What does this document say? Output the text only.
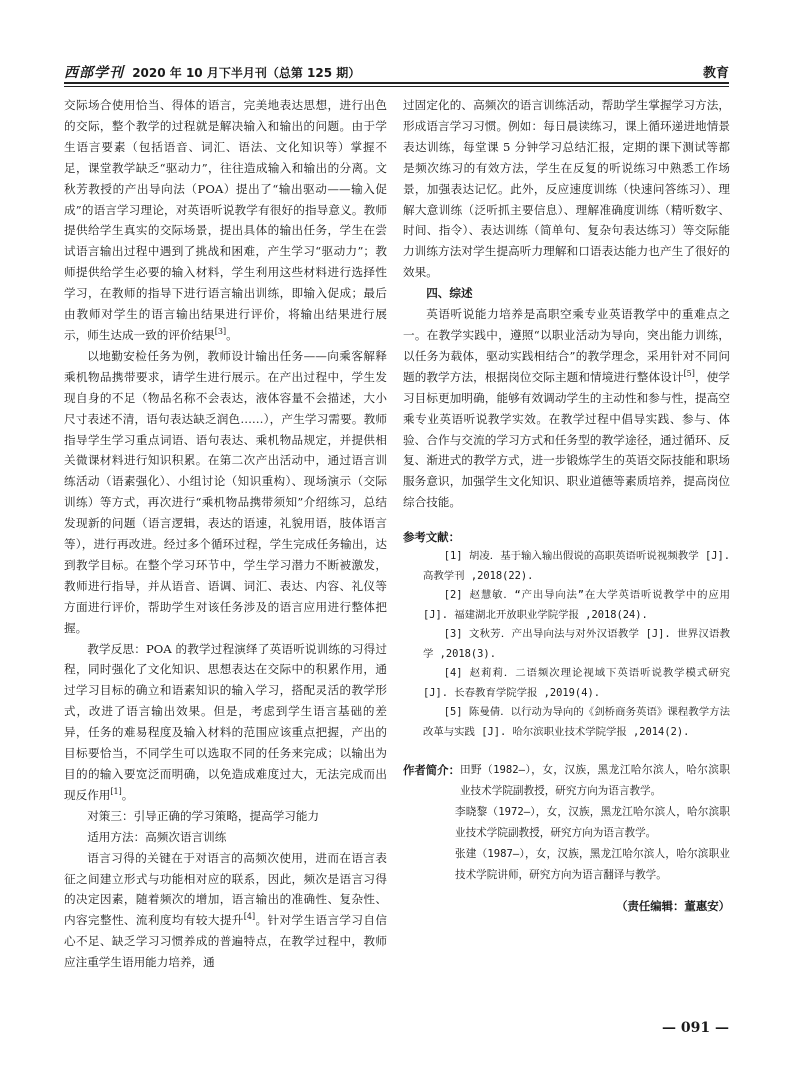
西部学刊 2020 年 10 月下半月刊（总第 125 期）	教育

交际场合使用恰当、得体的语言，完美地表达思想，进行出色的交际，整个教学的过程就是解决输入和输出的问题。由于学生语言要素（包括语音、词汇、语法、文化知识等）掌握不足，课堂教学缺乏“驱动力”，往往造成输入和输出的分离。文秋芳教授的产出导向法（POA）提出了“输出驱动——输入促成”的语言学习理论，对英语听说教学有很好的指导意义。教师提供给学生真实的交际场景，提出具体的输出任务，学生在尝试语言输出过程中遇到了挑战和困难，产生学习“驱动力”；教师提供给学生必要的输入材料，学生利用这些材料进行选择性学习，在教师的指导下进行语言输出训练，即输入促成；最后由教师对学生的语言输出结果进行评价，将输出结果进行展示，师生达成一致的评价结果[3]。

以地勤安检任务为例，教师设计输出任务——向乘客解释乘机物品携带要求，请学生进行展示。在产出过程中，学生发现自身的不足（物品名称不会表达，液体容量不会描述，大小尺寸表述不清，语句表达缺乏润色……），产生学习需要。教师指导学生学习重点词语、语句表达、乘机物品规定，并提供相关微课材料进行知识积累。在第二次产出活动中，通过语言训练活动（语素强化）、小组讨论（知识重构）、现场演示（交际训练）等方式，再次进行“乘机物品携带须知”介绍练习，总结发现新的问题（语言逻辑，表达的语速，礼貌用语，肢体语言等），进行再改进。经过多个循环过程，学生完成任务输出，达到教学目标。在整个学习环节中，学生学习潜力不断被激发，教师进行指导，并从语音、语调、词汇、表达、内容、礼仪等方面进行评价，帮助学生对该任务涉及的语言应用进行整体把握。

教学反思：POA 的教学过程演绎了英语听说训练的习得过程，同时强化了文化知识、思想表达在交际中的积累作用，通过学习目标的确立和语素知识的输入学习，搭配灵活的教学形式，改进了语言输出效果。但是，考虑到学生语言基础的差异，任务的难易程度及输入材料的范围应该重点把握，产出的目标要恰当，不同学生可以选取不同的任务来完成；以输出为目的的输入要宽泛而明确，以免造成难度过大，无法完成而出现反作用[1]。

对策三：引导正确的学习策略，提高学习能力

适用方法：高频次语言训练

语言习得的关键在于对语言的高频次使用，进而在语言表征之间建立形式与功能相对应的联系，因此，频次是语言习得的决定因素，随着频次的增加，语言输出的准确性、复杂性、内容完整性、流利度均有较大提升[4]。针对学生语言学习自信心不足、缺乏学习习惯养成的普遍特点，在教学过程中，教师应注重学生语用能力培养，通

过固定化的、高频次的语言训练活动，帮助学生掌握学习方法，形成语言学习习惯。例如：每日晨读练习，课上循环递进地情景表达训练，每堂课 5 分钟学习总结汇报，定期的课下测试等都是频次练习的有效方法，学生在反复的听说练习中熟悉工作场景，加强表达记忆。此外，反应速度训练（快速问答练习）、理解大意训练（泛听抓主要信息）、理解准确度训练（精听数字、时间、指令）、表达训练（简单句、复杂句表达练习）等交际能力训练方法对学生提高听力理解和口语表达能力也产生了很好的效果。

四、综述

英语听说能力培养是高职空乘专业英语教学中的重难点之一。在教学实践中，遵照“以职业活动为导向，突出能力训练，以任务为载体，驱动实践相结合”的教学理念，采用针对不同问题的教学方法，根据岗位交际主题和情境进行整体设计[5]，使学习目标更加明确，能够有效调动学生的主动性和参与性，提高空乘专业英语听说教学实效。在教学过程中倡导实践、参与、体验、合作与交流的学习方式和任务型的教学途径，通过循环、反复、渐进式的教学方式，进一步锻炼学生的英语交际技能和职场服务意识，加强学生文化知识、职业道德等素质培养，提高岗位综合技能。

参考文献：

[1] 胡凌．基于输入输出假说的高职英语听说视频教学 [J]. 高教学刊 ,2018(22).

[2] 赵慧敏．“产出导向法”在大学英语听说教学中的应用 [J]. 福建湖北开放职业学院学报 ,2018(24).

[3] 文秋芳．产出导向法与对外汉语教学 [J]. 世界汉语教学 ,2018(3).

[4] 赵莉莉．二语频次理论视域下英语听说教学模式研究 [J]. 长春教育学院学报 ,2019(4).

[5] 陈曼倩．以行动为导向的《剑桥商务英语》课程教学方法改革与实践 [J]. 哈尔滨职业技术学院学报 ,2014(2).

作者简介： 田野（1982—），女，汉族，黑龙江哈尔滨人，哈尔滨职业技术学院副教授，研究方向为语言教学。
李晓黎（1972—），女，汉族，黑龙江哈尔滨人，哈尔滨职业技术学院副教授，研究方向为语言教学。
张建（1987—），女，汉族，黑龙江哈尔滨人，哈尔滨职业技术学院讲师，研究方向为语言翻译与教学。
（责任编辑：董惠安）
— 091 —
